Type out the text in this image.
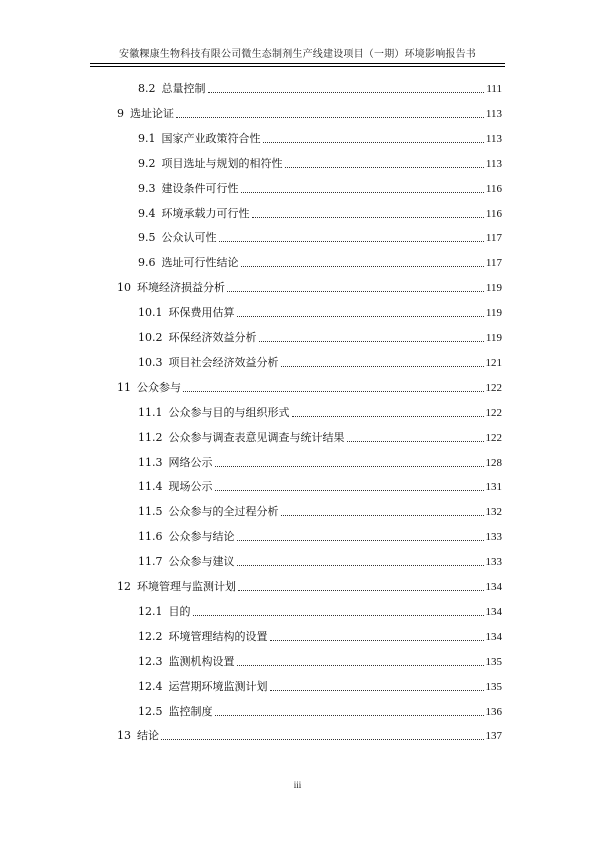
安徽粿康生物科技有限公司微生态制剂生产线建设项目（一期）环境影响报告书
8.2 总量控制	111
9 选址论证	113
9.1 国家产业政策符合性	113
9.2 项目选址与规划的相符性	113
9.3 建设条件可行性	116
9.4 环境承载力可行性	116
9.5 公众认可性	117
9.6 选址可行性结论	117
10 环境经济损益分析	119
10.1 环保费用估算	119
10.2 环保经济效益分析	119
10.3 项目社会经济效益分析	121
11 公众参与	122
11.1 公众参与目的与组织形式	122
11.2 公众参与调查表意见调查与统计结果	122
11.3 网络公示	128
11.4 现场公示	131
11.5 公众参与的全过程分析	132
11.6 公众参与结论	133
11.7 公众参与建议	133
12 环境管理与监测计划	134
12.1 目的	134
12.2 环境管理结构的设置	134
12.3 监测机构设置	135
12.4 运营期环境监测计划	135
12.5 监控制度	136
13 结论	137
iii
